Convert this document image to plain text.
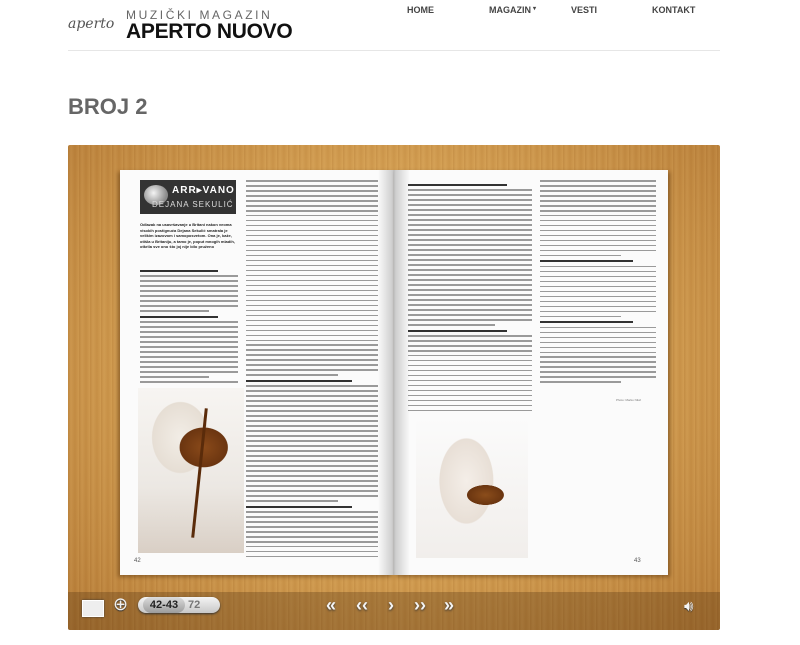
aperto
MUZIČKI MAGAZIN
APERTO NUOVO
HOME	MAGAZIN ▾	VESTI	KONTAKT
BROJ 2
ARR▸VANO
DEJANA SEKULIĆ
Odlazak na usavršavanje u Britani nakon veoma visokih postignuća Dejana Sekulić smatrala je velikim izazovom i samoposvetom. Ona je, kaže, otišla u Britaniju, a tamo je, poput mnogih mladih, otkrila sve ono što joj nije bilo pruženo
42
Photo: Marko Nikić
43
⊕	42-43 72	« ‹‹ › ›› »	🔊︎
